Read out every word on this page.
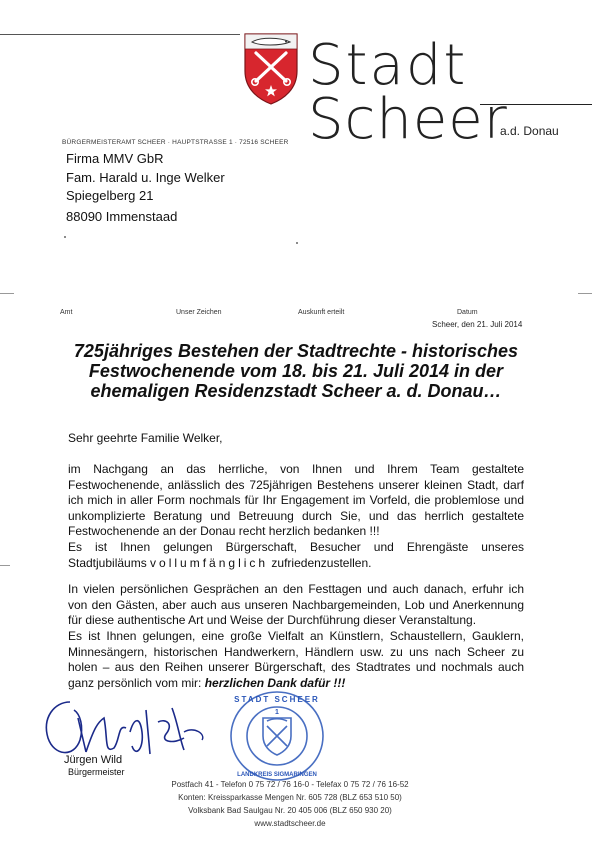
Stadt
Scheer
a.d. Donau
BÜRGERMEISTERAMT SCHEER · HAUPTSTRASSE 1 · 72516 SCHEER
Firma MMV GbR
Fam. Harald u. Inge Welker
Spiegelberg 21
88090 Immenstaad
Amt	Unser Zeichen	Auskunft erteilt	Datum
Scheer, den 21. Juli 2014
725jähriges Bestehen der Stadtrechte - historisches
Festwochenende vom 18. bis 21. Juli 2014 in der
ehemaligen Residenzstadt Scheer a. d. Donau…
Sehr geehrte Familie Welker,

im Nachgang an das herrliche, von Ihnen und Ihrem Team gestaltete Festwochenende, anlässlich des 725jährigen Bestehens unserer kleinen Stadt, darf ich mich in aller Form nochmals für Ihr Engagement im Vorfeld, die problemlose und unkomplizierte Beratung und Betreuung durch Sie, und das herrlich gestaltete Festwochenende an der Donau recht herzlich bedanken !!!

Es ist Ihnen gelungen Bürgerschaft, Besucher und Ehrengäste unseres Stadtjubiläums vollumfänglich zufriedenzustellen.

In vielen persönlichen Gesprächen an den Festtagen und auch danach, erfuhr ich von den Gästen, aber auch aus unseren Nachbargemeinden, Lob und Anerkennung für diese authentische Art und Weise der Durchführung dieser Veranstaltung.

Es ist Ihnen gelungen, eine große Vielfalt an Künstlern, Schaustellern, Gauklern, Minnesängern, historischen Handwerkern, Händlern usw. zu uns nach Scheer zu holen – aus den Reihen unserer Bürgerschaft, des Stadtrates und nochmals auch ganz persönlich vom mir: herzlichen Dank dafür !!!

Jürgen Wild
Bürgermeister
1
STADT SCHEER
LANDKREIS SIGMARINGEN
Postfach 41 - Telefon 0 75 72 / 76 16-0 - Telefax 0 75 72 / 76 16-52
Konten: Kreissparkasse Mengen Nr. 605 728 (BLZ 653 510 50)
Volksbank Bad Saulgau Nr. 20 405 006 (BLZ 650 930 20)
www.stadtscheer.de
